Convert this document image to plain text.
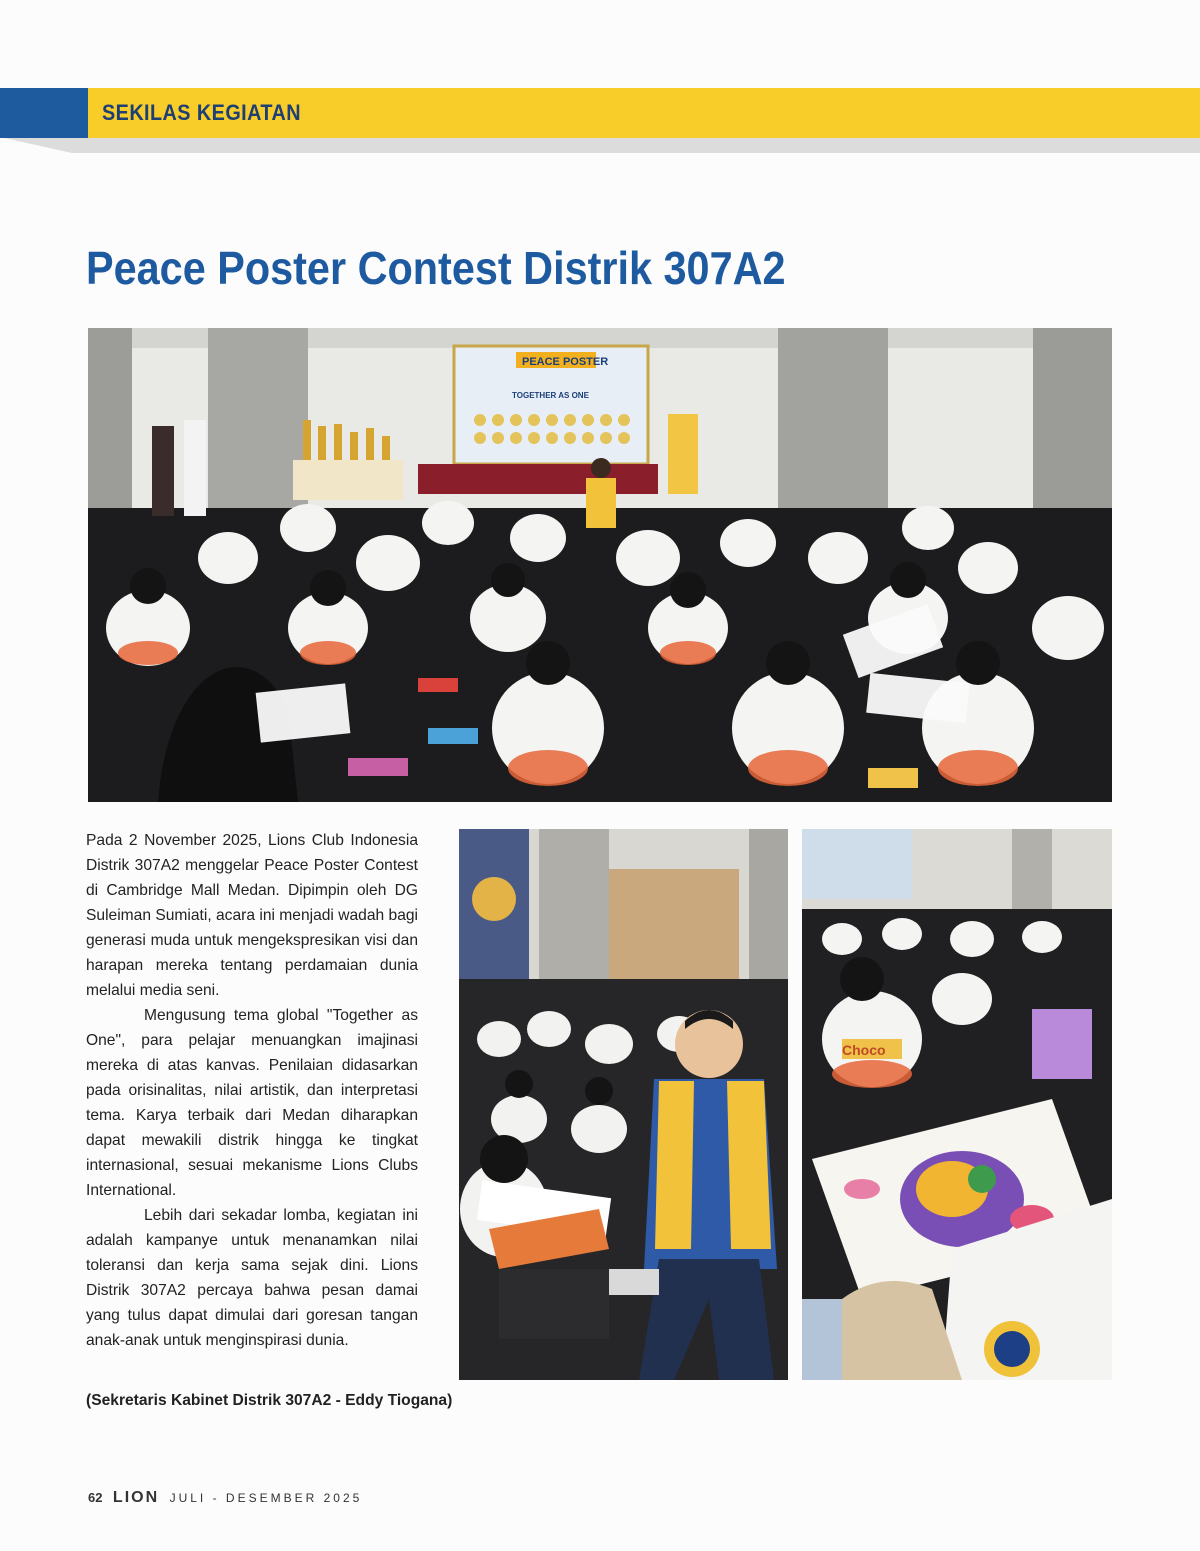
SEKILAS KEGIATAN
Peace Poster Contest Distrik 307A2
PEACE POSTER
TOGETHER AS ONE

Pada 2 November 2025, Lions Club Indonesia Distrik 307A2 menggelar Peace Poster Contest di Cambridge Mall Medan. Dipimpin oleh DG Suleiman Sumiati, acara ini menjadi wadah bagi generasi muda untuk mengekspresikan visi dan harapan mereka tentang perdamaian dunia melalui media seni.

Mengusung tema global "Together as One", para pelajar menuangkan imajinasi mereka di atas kanvas. Penilaian didasarkan pada orisinalitas, nilai artistik, dan interpretasi tema. Karya terbaik dari Medan diharapkan dapat mewakili distrik hingga ke tingkat internasional, sesuai mekanisme Lions Clubs International.

Lebih dari sekadar lomba, kegiatan ini adalah kampanye untuk menanamkan nilai toleransi dan kerja sama sejak dini. Lions Distrik 307A2 percaya bahwa pesan damai yang tulus dapat dimulai dari goresan tangan anak-anak untuk menginspirasi dunia.

(Sekretaris Kabinet Distrik 307A2 - Eddy Tiogana)
Choco
62 LION JULI - DESEMBER 2025
